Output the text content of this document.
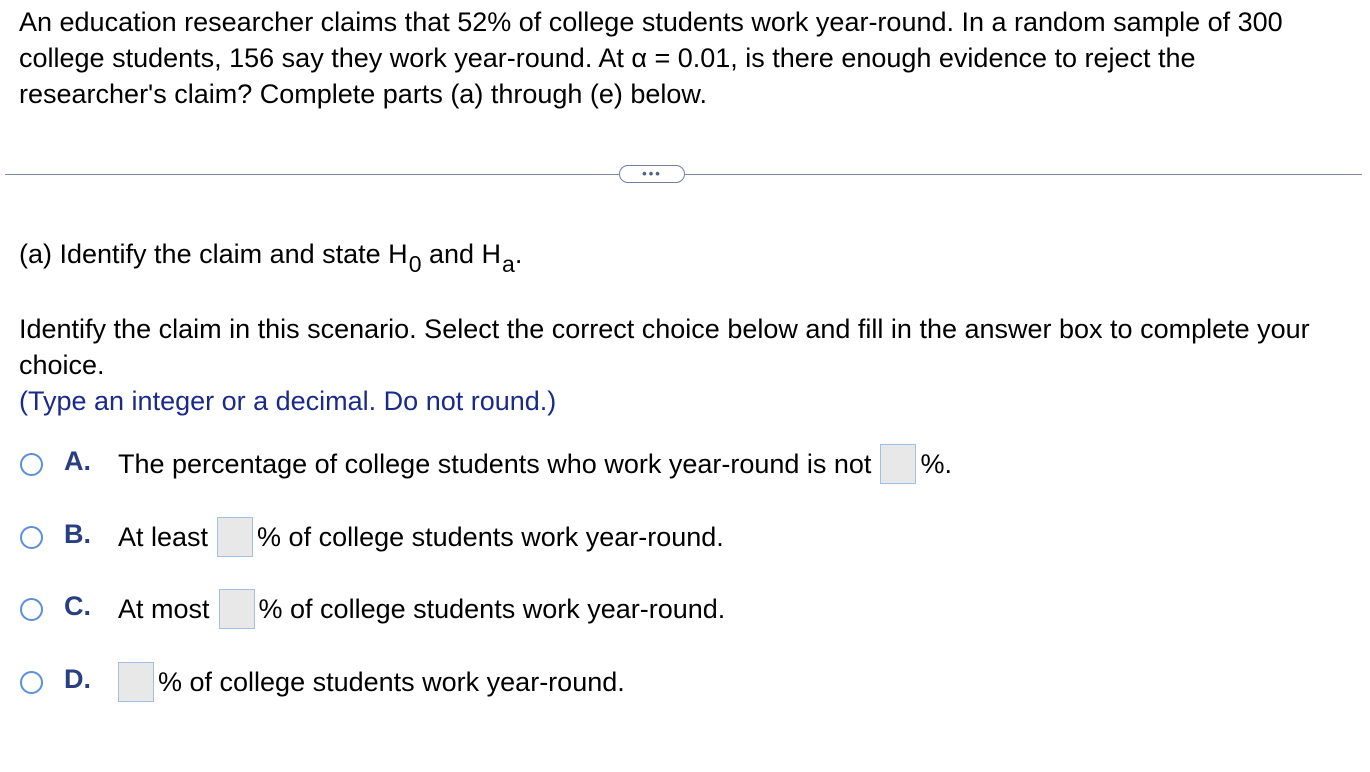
An education researcher claims that 52% of college students work year-round. In a random sample of 300 college students, 156 say they work year-round. At α = 0.01, is there enough evidence to reject the researcher's claim? Complete parts (a) through (e) below.

•••

(a) Identify the claim and state H0 and Ha.

Identify the claim in this scenario. Select the correct choice below and fill in the answer box to complete your choice.

(Type an integer or a decimal. Do not round.)

A.	The percentage of college students who work year-round is not %.
B.	At least % of college students work year-round.
C.	At most % of college students work year-round.
D.	% of college students work year-round.
